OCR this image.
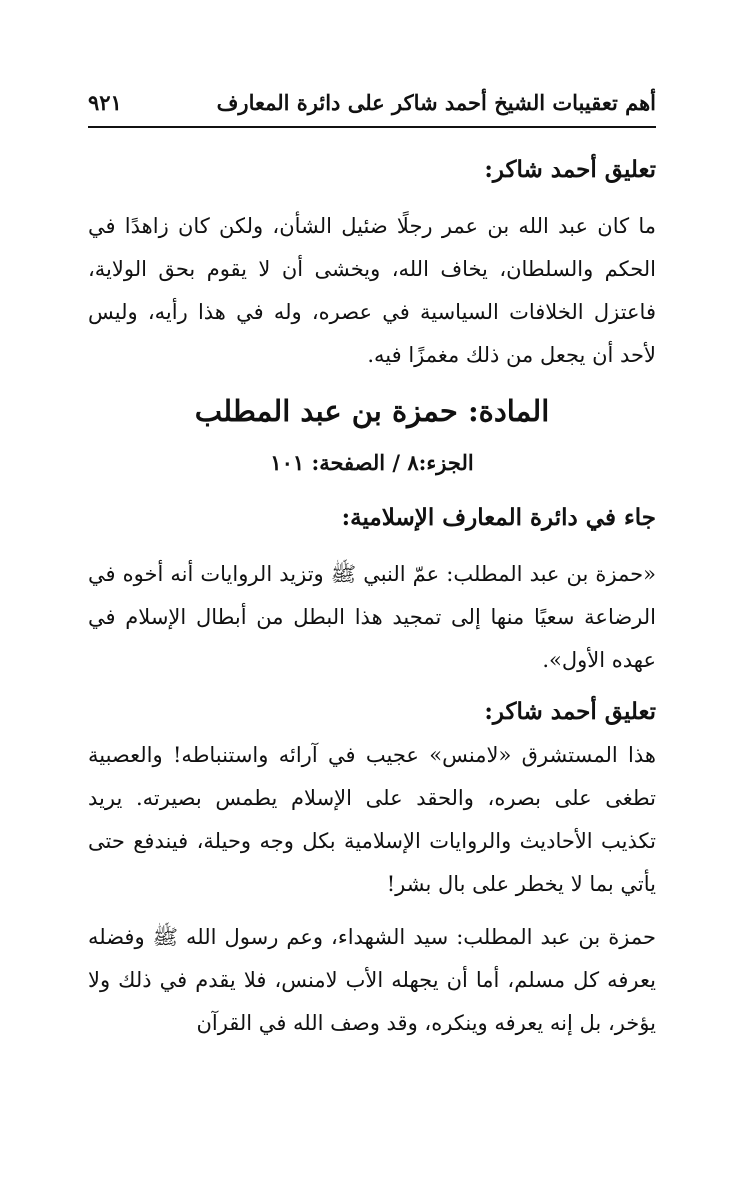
أهم تعقيبات الشيخ أحمد شاكر على دائرة المعارف
٩٢١
تعليق أحمد شاكر:

ما كان عبد الله بن عمر رجلًا ضئيل الشأن، ولكن كان زاهدًا في الحكم والسلطان، يخاف الله، ويخشى أن لا يقوم بحق الولاية، فاعتزل الخلافات السياسية في عصره، وله في هذا رأيه، وليس لأحد أن يجعل من ذلك مغمزًا فيه.

المادة: حمزة بن عبد المطلب
الجزء:٨ / الصفحة: ١٠١
جاء في دائرة المعارف الإسلامية:

«حمزة بن عبد المطلب: عمّ النبي ﷺ وتزيد الروايات أنه أخوه في الرضاعة سعيًا منها إلى تمجيد هذا البطل من أبطال الإسلام في عهده الأول».

تعليق أحمد شاكر:

هذا المستشرق «لامنس» عجيب في آرائه واستنباطه! والعصبية تطغى على بصره، والحقد على الإسلام يطمس بصيرته. يريد تكذيب الأحاديث والروايات الإسلامية بكل وجه وحيلة، فيندفع حتى يأتي بما لا يخطر على بال بشر!

حمزة بن عبد المطلب: سيد الشهداء، وعم رسول الله ﷺ وفضله يعرفه كل مسلم، أما أن يجهله الأب لامنس، فلا يقدم في ذلك ولا يؤخر، بل إنه يعرفه وينكره، وقد وصف الله في القرآن
